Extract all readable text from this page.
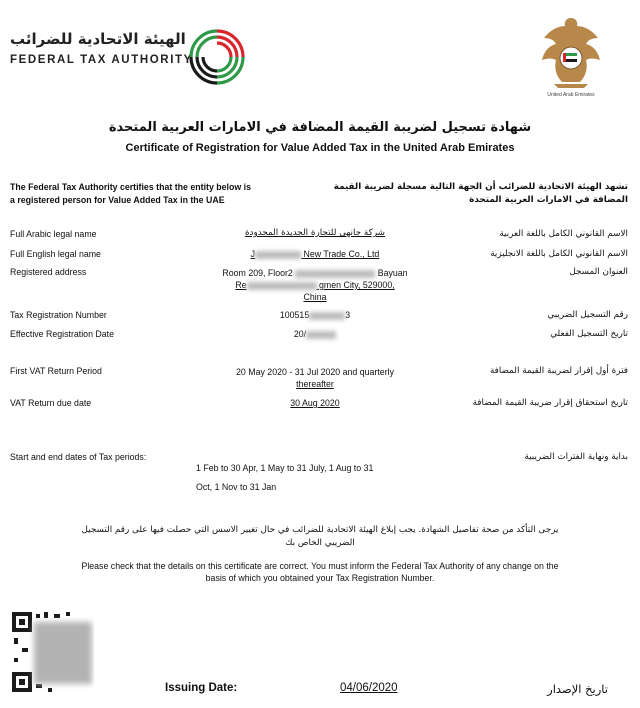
الهيئة الاتحادية للضرائب
FEDERAL TAX AUTHORITY
United Arab Emirates
شهادة تسجيل لضريبة القيمة المضافة في الامارات العربية المتحدة
Certificate of Registration for Value Added Tax in the United Arab Emirates
The Federal Tax Authority certifies that the entity below is
a registered person for Value Added Tax in the UAE
تشهد الهيئة الاتحادية للضرائب أن الجهة التالية مسجلة لضريبة القيمة
المضافة في الامارات العربية المتحدة
Full Arabic legal name	شركة جانهي للتجارة الجديدة المحدودة	الاسم القانوني الكامل باللغة العربية
Full English legal name	J	New Trade Co., Ltd	الاسم القانوني الكامل باللغة الانجليزية
Registered address	Room 209, Floor2	Bayuan
Re	gmen City, 529000,
China
العنوان المسجل
Tax Registration Number	100515	3	رقم التسجيل الضريبي
Effective Registration Date	20/	تاريخ التسجيل الفعلي
First VAT Return Period	20 May 2020 - 31 Jul 2020 and quarterly
thereafter
فترة أول إقرار لضريبة القيمة المضافة
VAT Return due date	30 Aug 2020	تاريخ استحقاق إقرار ضريبة القيمة المضافة
Start and end dates of Tax periods:
1 Feb to 30 Apr, 1 May to 31 July, 1 Aug to 31
Oct, 1 Nov to 31 Jan
بداية ونهاية الفترات الضريبية
يرجى التأكد من صحة تفاصيل الشهادة. يجب إبلاغ الهيئة الاتحادية للضرائب في حال تغيير الاسس التي حصلت فيها على رقم التسجيل
الضريبي الخاص بك
Please check that the details on this certificate are correct. You must inform the Federal Tax Authority of any change on the
basis of which you obtained your Tax Registration Number.
Issuing Date:	04/06/2020	تاريخ الإصدار
